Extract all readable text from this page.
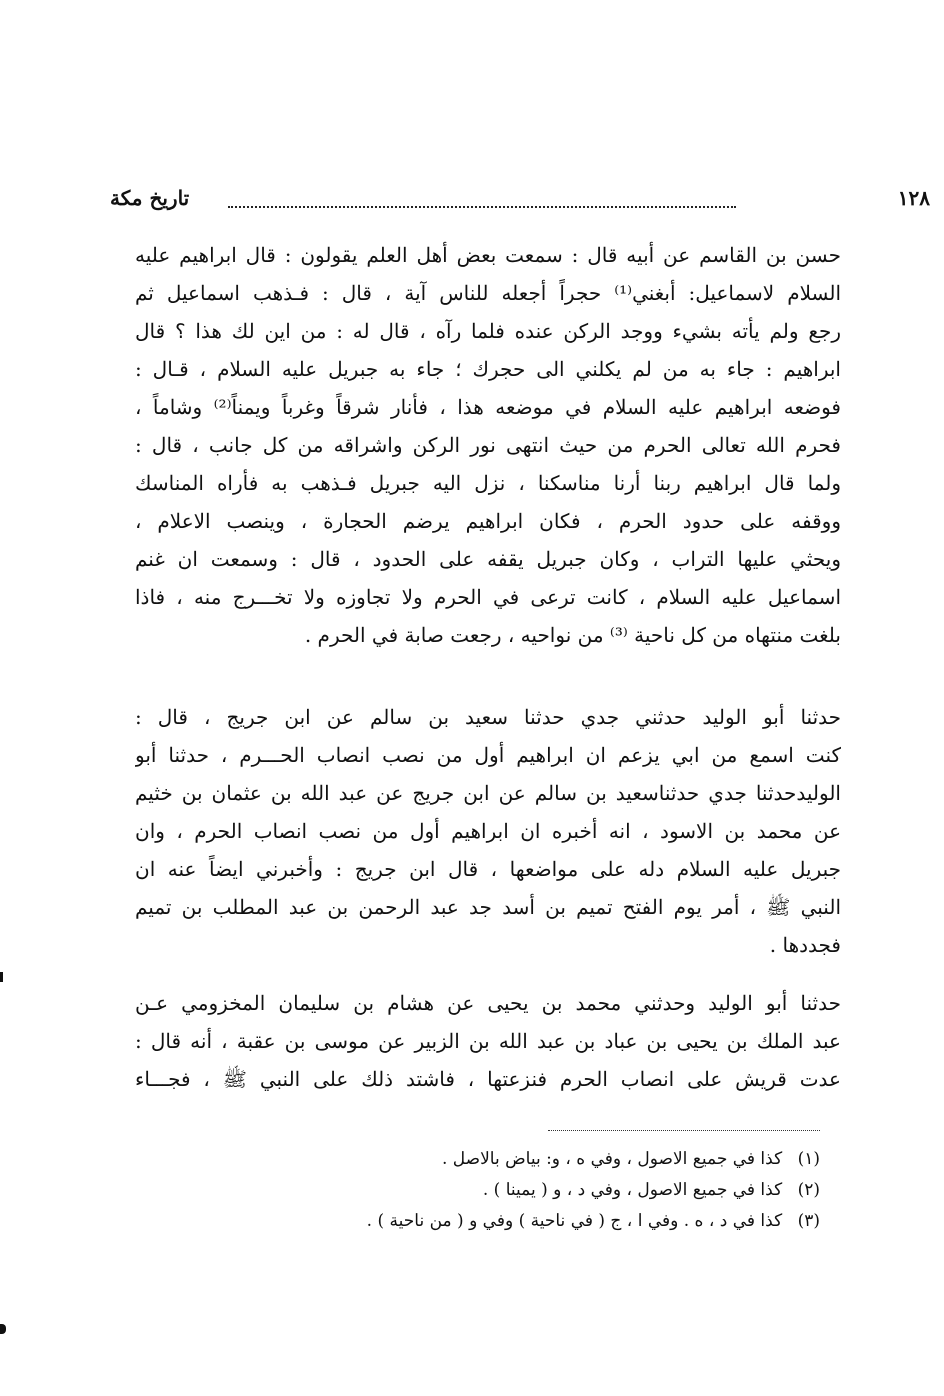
١٢٨
تاريخ مكة
حسن بن القاسم عن أبيه قال : سمعت بعض أهل العلم يقولون : قال ابراهيم عليه
السلام لاسماعيل: أبغني⁽¹⁾ حجراً أجعله للناس آية ، قال : فـذهب اسماعيل ثم
رجع ولم يأته بشيء ووجد الركن عنده فلما رآه ، قال له : من اين لك هذا ؟ قال
ابراهيم : جاء به من لم يكلني الى حجرك ؛ جاء به جبريل عليه السلام ، قـال :
فوضعه ابراهيم عليه السلام في موضعه هذا ، فأنار شرقاً وغرباً ويمناً⁽²⁾ وشاماً ،
فحرم الله تعالى الحرم من حيث انتهى نور الركن واشراقه من كل جانب ، قال :
ولما قال ابراهيم ربنا أرنا مناسكنا ، نزل اليه جبريل فـذهب به فأراه المناسك
ووقفه على حدود الحرم ، فكان ابراهيم يرضم الحجارة ، وينصب الاعلام ،
ويحثي عليها التراب ، وكان جبريل يقفه على الحدود ، قال : وسمعت ان غنم
اسماعيل عليه السلام ، كانت ترعى في الحرم ولا تجاوزه ولا تخـــرج منه ، فاذا
بلغت منتهاه من كل ناحية ⁽³⁾ من نواحيه ، رجعت صابة في الحرم .
حدثنا أبو الوليد حدثني جدي حدثنا سعيد بن سالم عن ابن جريج ، قال :
كنت اسمع من ابي يزعم ان ابراهيم أول من نصب انصاب الحـــرم ، حدثنا أبو
الوليدحدثنا جدي حدثناسعيد بن سالم عن ابن جريج عن عبد الله بن عثمان بن خثيم
عن محمد بن الاسود ، انه أخبره ان ابراهيم أول من نصب انصاب الحرم ، وان
جبريل عليه السلام دله على مواضعها ، قال ابن جريج : وأخبرني ايضاً عنه ان
النبي ﷺ ، أمر يوم الفتح تميم بن أسد جد عبد الرحمن بن عبد المطلب بن تميم
فجددها .
حدثنا أبو الوليد وحدثني محمد بن يحيى عن هشام بن سليمان المخزومي عـن
عبد الملك بن يحيى بن عباد بن عبد الله بن الزبير عن موسى بن عقبة ، أنه قال :
عدت قريش على انصاب الحرم فنزعتها ، فاشتد ذلك على النبي ﷺ ، فجـــاء
(١) كذا في جميع الاصول ، وفي ه ، و: بياض بالاصل .
(٢) كذا في جميع الاصول ، وفي د ، و ( يمينا ) .
(٣) كذا في د ، ه . وفي ا ، ج ( في ناحية ) وفي و ( من ناحية ) .
